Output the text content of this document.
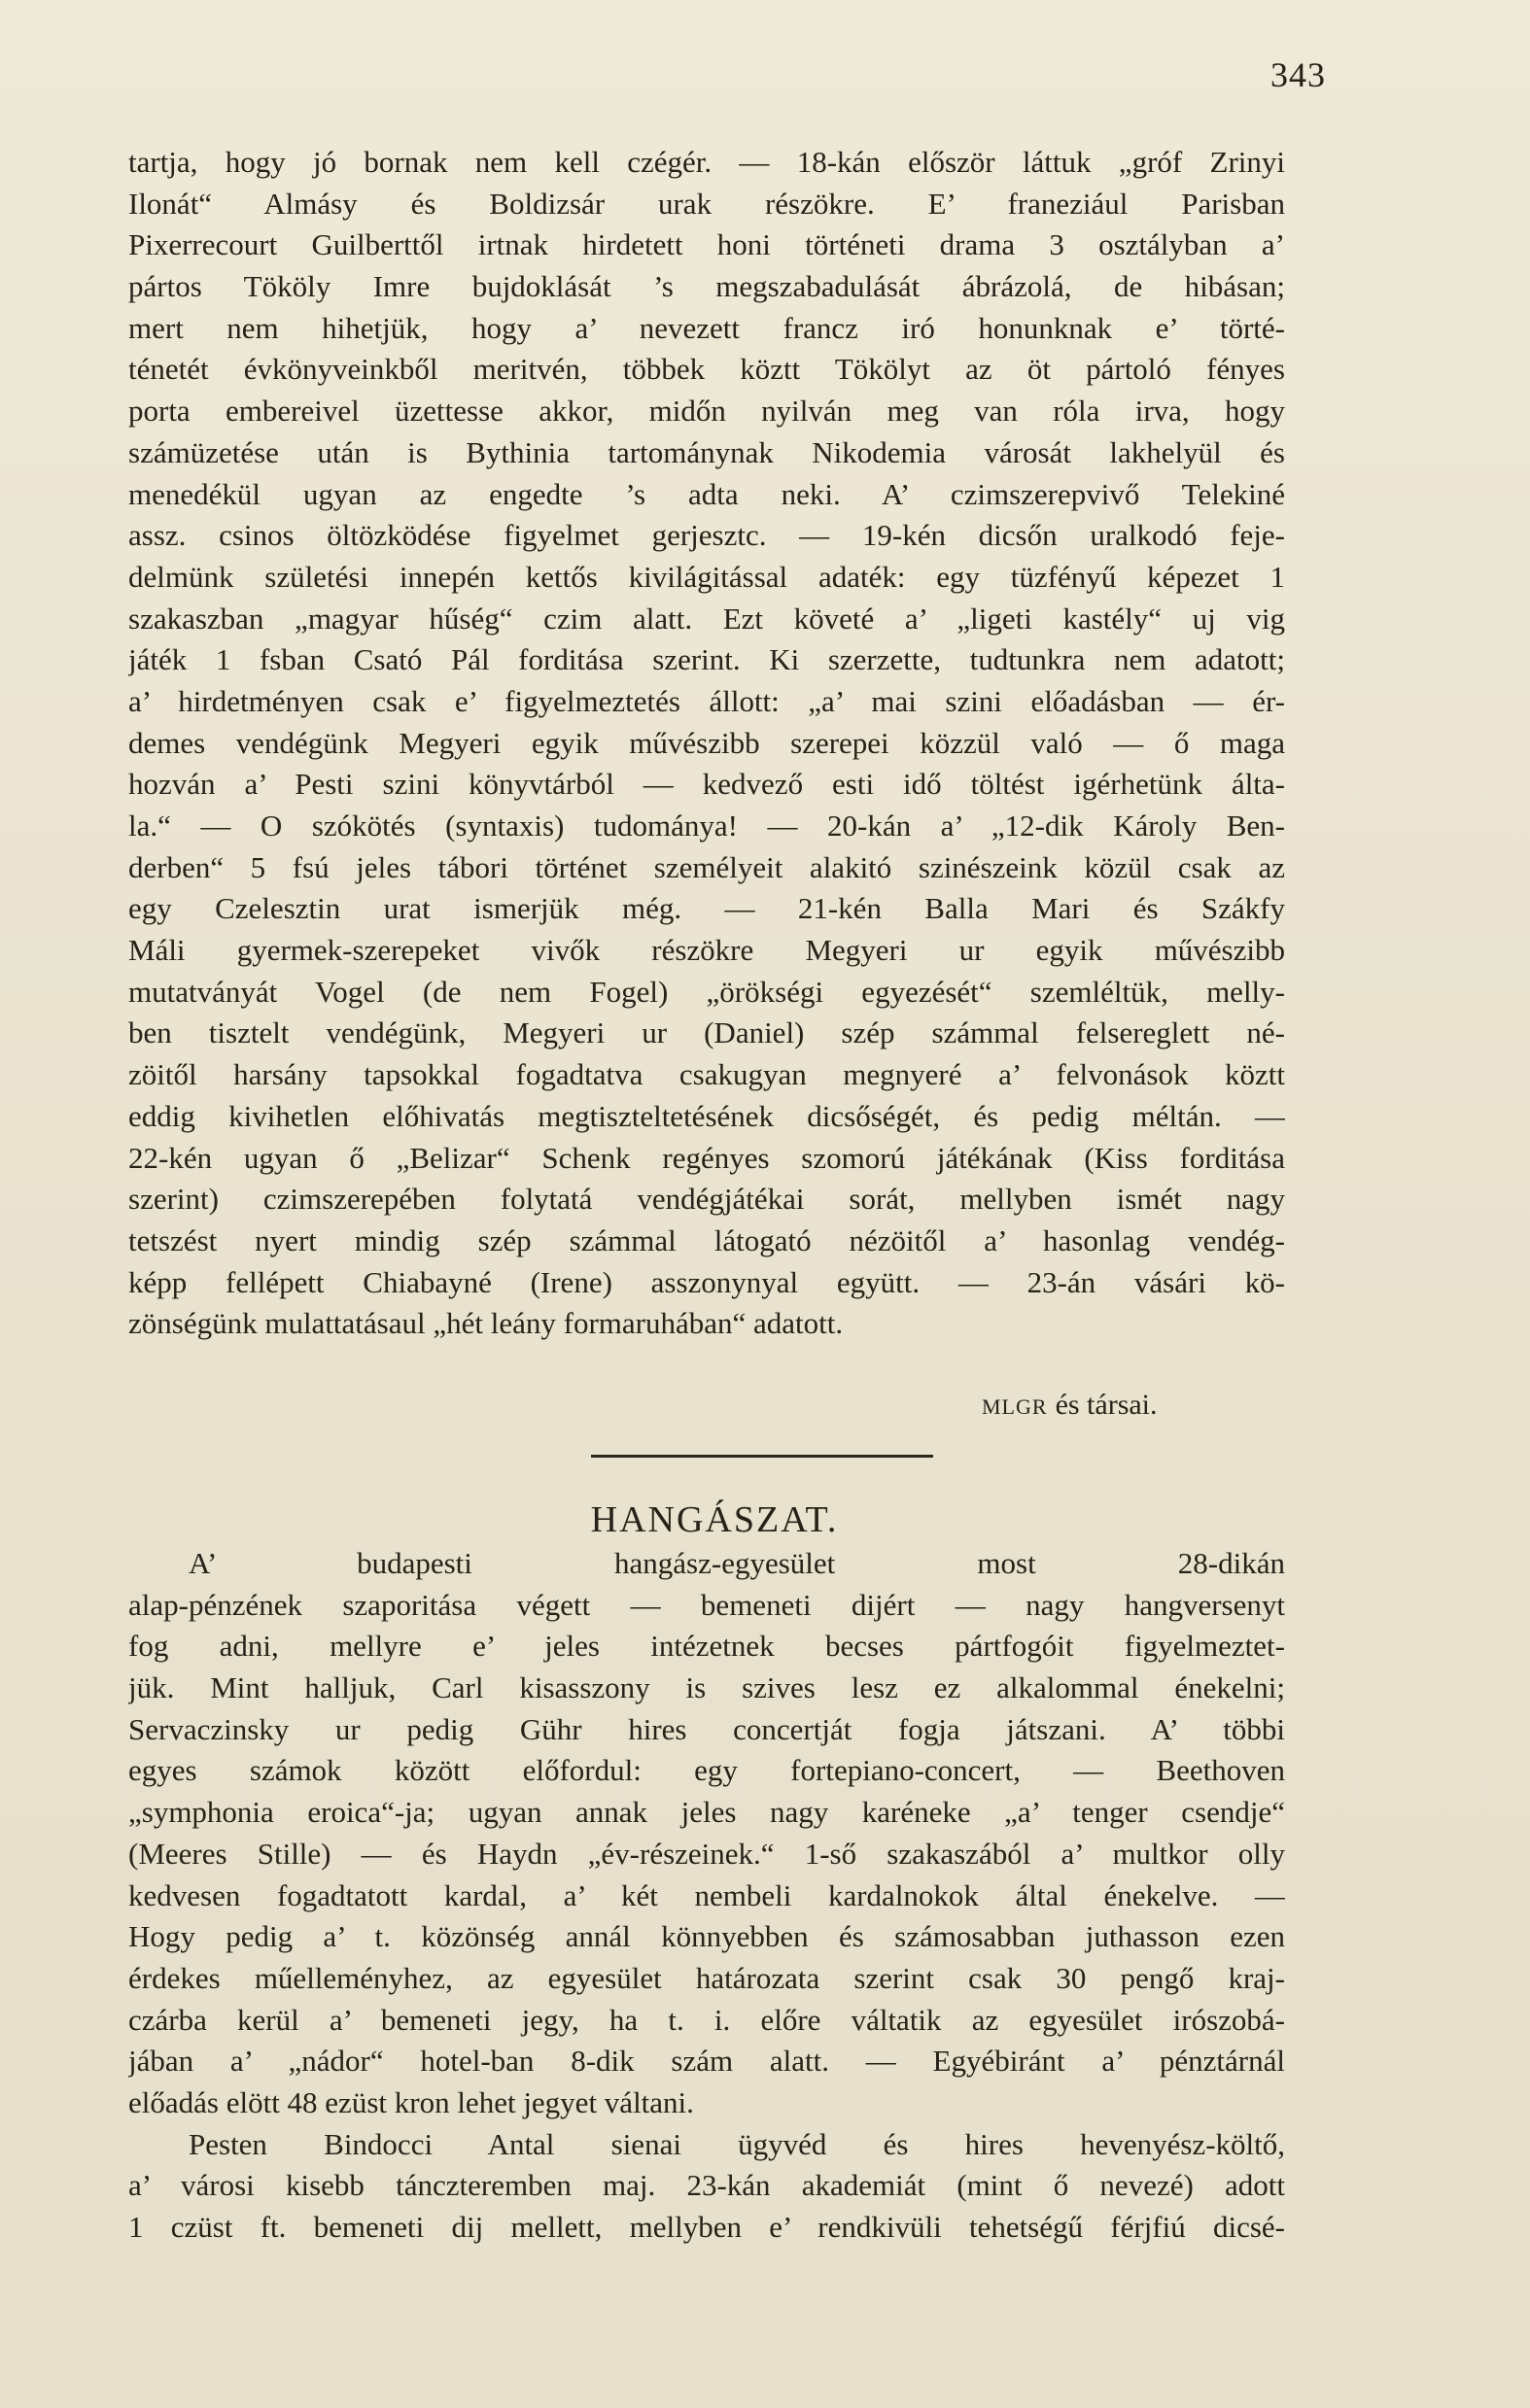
343
tartja, hogy jó bornak nem kell czégér. — 18-kán először láttuk „gróf Zrinyi
Ilonát“ Almásy és Boldizsár urak részökre. E’ franeziául Parisban
Pixerrecourt Guilberttől irtnak hirdetett honi történeti drama 3 osztályban a’
pártos Tököly Imre bujdoklását ’s megszabadulását ábrázolá, de hibásan;
mert nem hihetjük, hogy a’ nevezett francz iró honunknak e’ törté-
ténetét évkönyveinkből meritvén, többek köztt Tökölyt az öt pártoló fényes
porta embereivel üzettesse akkor, midőn nyilván meg van róla irva, hogy
számüzetése után is Bythinia tartománynak Nikodemia városát lakhelyül és
menedékül ugyan az engedte ’s adta neki. A’ czimszerepvivő Telekiné
assz. csinos öltözködése figyelmet gerjesztc. — 19-kén dicsőn uralkodó feje-
delmünk születési innepén kettős kivilágitással adaték: egy tüzfényű képezet 1
szakaszban „magyar hűség“ czim alatt. Ezt követé a’ „ligeti kastély“ uj vig
játék 1 fsban Csató Pál forditása szerint. Ki szerzette, tudtunkra nem adatott;
a’ hirdetményen csak e’ figyelmeztetés állott: „a’ mai szini előadásban — ér-
demes vendégünk Megyeri egyik művészibb szerepei közzül való — ő maga
hozván a’ Pesti szini könyvtárból — kedvező esti idő töltést igérhetünk álta-
la.“ — O szókötés (syntaxis) tudománya! — 20-kán a’ „12-dik Károly Ben-
derben“ 5 fsú jeles tábori történet személyeit alakitó szinészeink közül csak az
egy Czelesztin urat ismerjük még. — 21-kén Balla Mari és Szákfy
Máli gyermek-szerepeket vivők részökre Megyeri ur egyik művészibb
mutatványát Vogel (de nem Fogel) „örökségi egyezését“ szemléltük, melly-
ben tisztelt vendégünk, Megyeri ur (Daniel) szép számmal felsereglett né-
zöitől harsány tapsokkal fogadtatva csakugyan megnyeré a’ felvonások köztt
eddig kivihetlen előhivatás megtiszteltetésének dicsőségét, és pedig méltán. —
22-kén ugyan ő „Belizar“ Schenk regényes szomorú játékának (Kiss forditása
szerint) czimszerepében folytatá vendégjátékai sorát, mellyben ismét nagy
tetszést nyert mindig szép számmal látogató nézöitől a’ hasonlag vendég-
képp fellépett Chiabayné (Irene) asszonynyal együtt. — 23-án vásári kö-
zönségünk mulattatásaul „hét leány formaruhában“ adatott.
MLGR és társai.
HANGÁSZAT.
A’ budapesti hangász-egyesület most 28-dikán
alap-pénzének szaporitása végett — bemeneti dijért — nagy hangversenyt
fog adni, mellyre e’ jeles intézetnek becses pártfogóit figyelmeztet-
jük. Mint halljuk, Carl kisasszony is szives lesz ez alkalommal énekelni;
Servaczinsky ur pedig Gühr hires concertját fogja játszani. A’ többi
egyes számok között előfordul: egy fortepiano-concert, — Beethoven
„symphonia eroica“-ja; ugyan annak jeles nagy karéneke „a’ tenger csendje“
(Meeres Stille) — és Haydn „év-részeinek.“ 1-ső szakaszából a’ multkor olly
kedvesen fogadtatott kardal, a’ két nembeli kardalnokok által énekelve. —
Hogy pedig a’ t. közönség annál könnyebben és számosabban juthasson ezen
érdekes műelleményhez, az egyesület határozata szerint csak 30 pengő kraj-
czárba kerül a’ bemeneti jegy, ha t. i. előre váltatik az egyesület irószobá-
jában a’ „nádor“ hotel-ban 8-dik szám alatt. — Egyébiránt a’ pénztárnál
előadás elött 48 ezüst kron lehet jegyet váltani.
Pesten Bindocci Antal sienai ügyvéd és hires hevenyész-költő,
a’ városi kisebb tánczteremben maj. 23-kán akademiát (mint ő nevezé) adott
1 czüst ft. bemeneti dij mellett, mellyben e’ rendkivüli tehetségű férjfiú dicsé-
